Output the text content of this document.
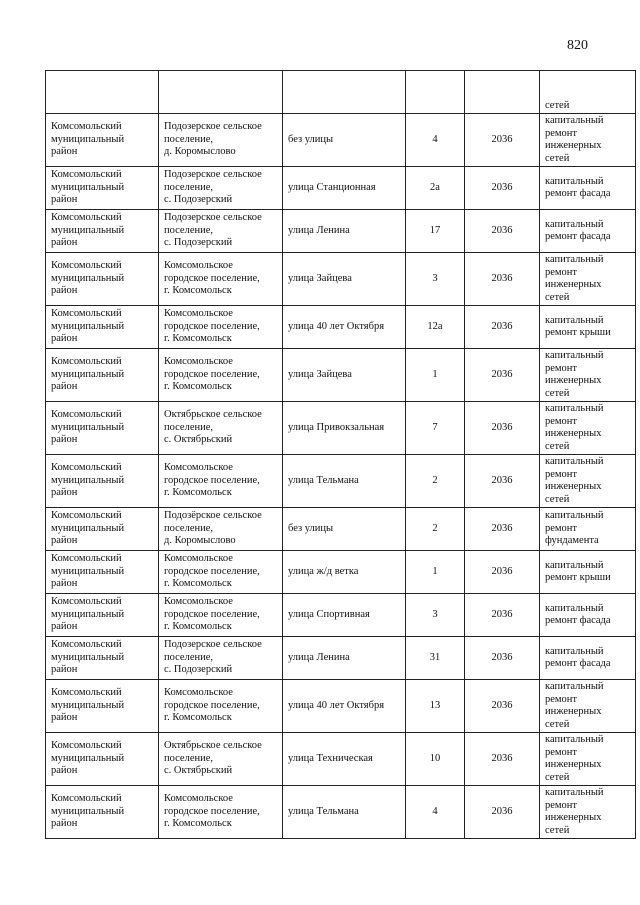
820

					сетей

Комсомольский
муниципальный
район	Подозерское сельское
поселение,
д. Коромыслово	без улицы	4	2036	капитальный
ремонт
инженерных
сетей

Комсомольский
муниципальный
район	Подозерское сельское
поселение,
с. Подозерский	улица Станционная	2а	2036	капитальный
ремонт фасада

Комсомольский
муниципальный
район	Подозерское сельское
поселение,
с. Подозерский	улица Ленина	17	2036	капитальный
ремонт фасада

Комсомольский
муниципальный
район	Комсомольское
городское поселение,
г. Комсомольск	улица Зайцева	3	2036	капитальный
ремонт
инженерных
сетей

Комсомольский
муниципальный
район	Комсомольское
городское поселение,
г. Комсомольск	улица 40 лет Октября	12а	2036	капитальный
ремонт крыши

Комсомольский
муниципальный
район	Комсомольское
городское поселение,
г. Комсомольск	улица Зайцева	1	2036	капитальный
ремонт
инженерных
сетей

Комсомольский
муниципальный
район	Октябрьское сельское
поселение,
с. Октябрьский	улица Привокзальная	7	2036	капитальный
ремонт
инженерных
сетей

Комсомольский
муниципальный
район	Комсомольское
городское поселение,
г. Комсомольск	улица Тельмана	2	2036	капитальный
ремонт
инженерных
сетей

Комсомольский
муниципальный
район	Подозёрское сельское
поселение,
д. Коромыслово	без улицы	2	2036	капитальный
ремонт
фундамента

Комсомольский
муниципальный
район	Комсомольское
городское поселение,
г. Комсомольск	улица ж/д ветка	1	2036	капитальный
ремонт крыши

Комсомольский
муниципальный
район	Комсомольское
городское поселение,
г. Комсомольск	улица Спортивная	3	2036	капитальный
ремонт фасада

Комсомольский
муниципальный
район	Подозерское сельское
поселение,
с. Подозерский	улица Ленина	31	2036	капитальный
ремонт фасада

Комсомольский
муниципальный
район	Комсомольское
городское поселение,
г. Комсомольск	улица 40 лет Октября	13	2036	капитальный
ремонт
инженерных
сетей

Комсомольский
муниципальный
район	Октябрьское сельское
поселение,
с. Октябрьский	улица Техническая	10	2036	капитальный
ремонт
инженерных
сетей

Комсомольский
муниципальный
район	Комсомольское
городское поселение,
г. Комсомольск	улица Тельмана	4	2036	капитальный
ремонт
инженерных
сетей
